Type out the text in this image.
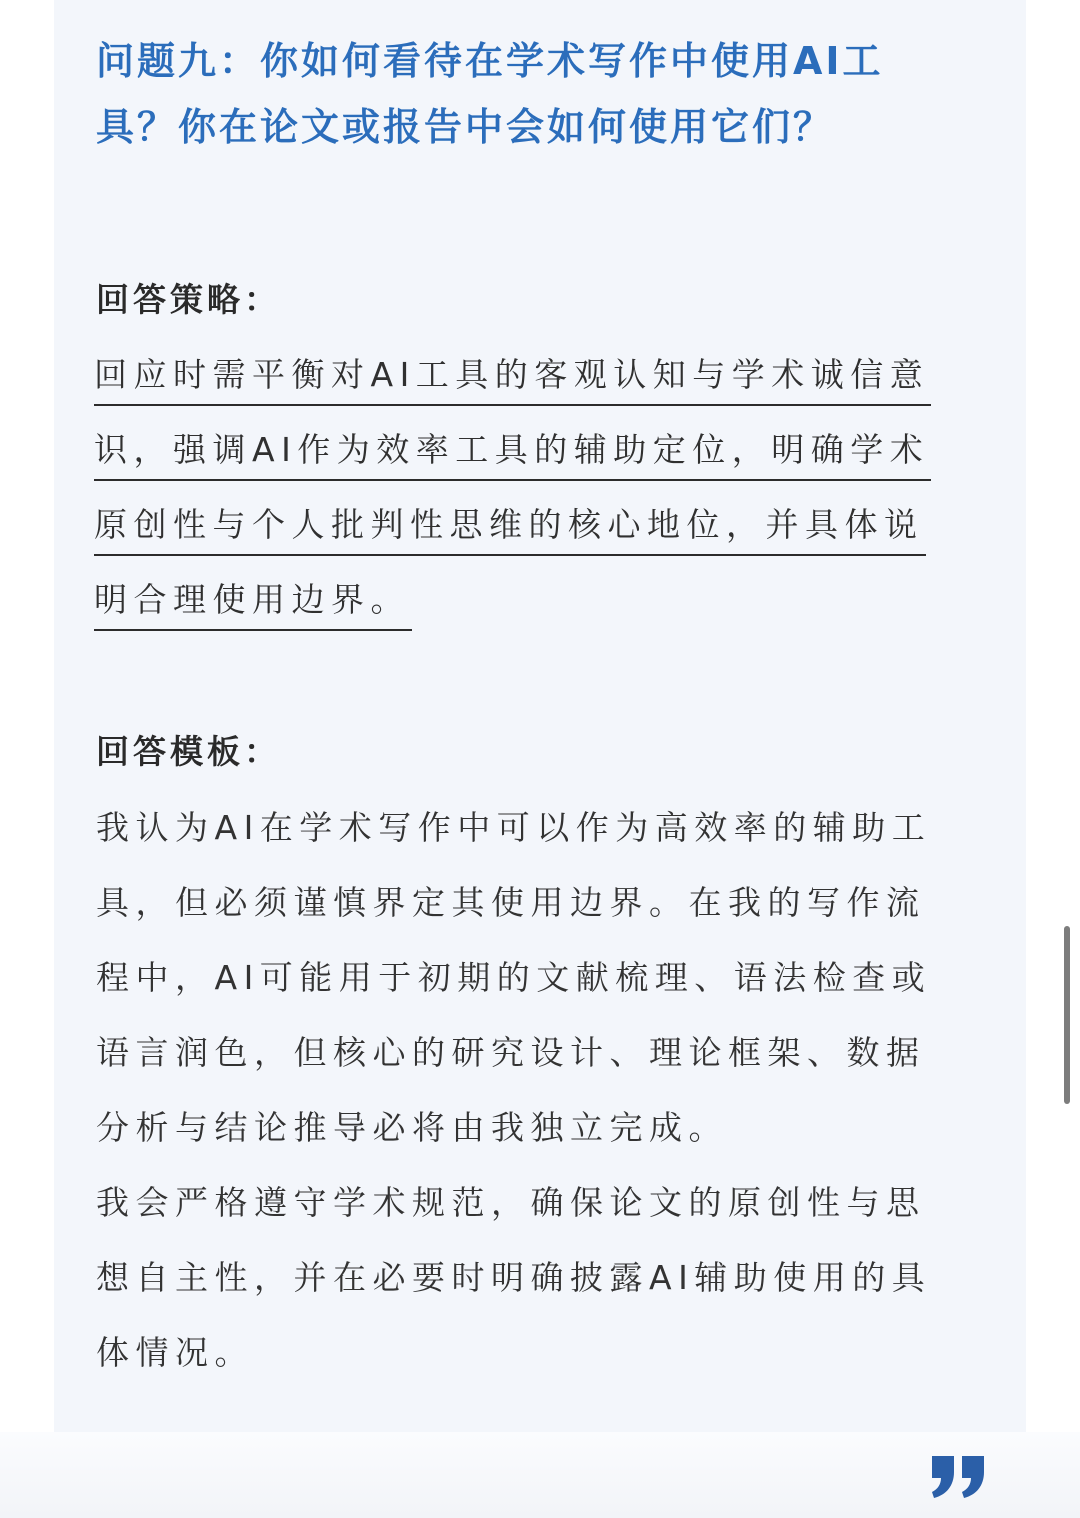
问题九：你如何看待在学术写作中使用AI工
具？你在论文或报告中会如何使用它们？
回答策略：
回应时需平衡对AI工具的客观认知与学术诚信意
识，强调AI作为效率工具的辅助定位，明确学术
原创性与个人批判性思维的核心地位，并具体说
明合理使用边界。
回答模板：
我认为AI在学术写作中可以作为高效率的辅助工
具，但必须谨慎界定其使用边界。在我的写作流
程中，AI可能用于初期的文献梳理、语法检查或
语言润色，但核心的研究设计、理论框架、数据
分析与结论推导必将由我独立完成。
我会严格遵守学术规范，确保论文的原创性与思
想自主性，并在必要时明确披露AI辅助使用的具
体情况。
